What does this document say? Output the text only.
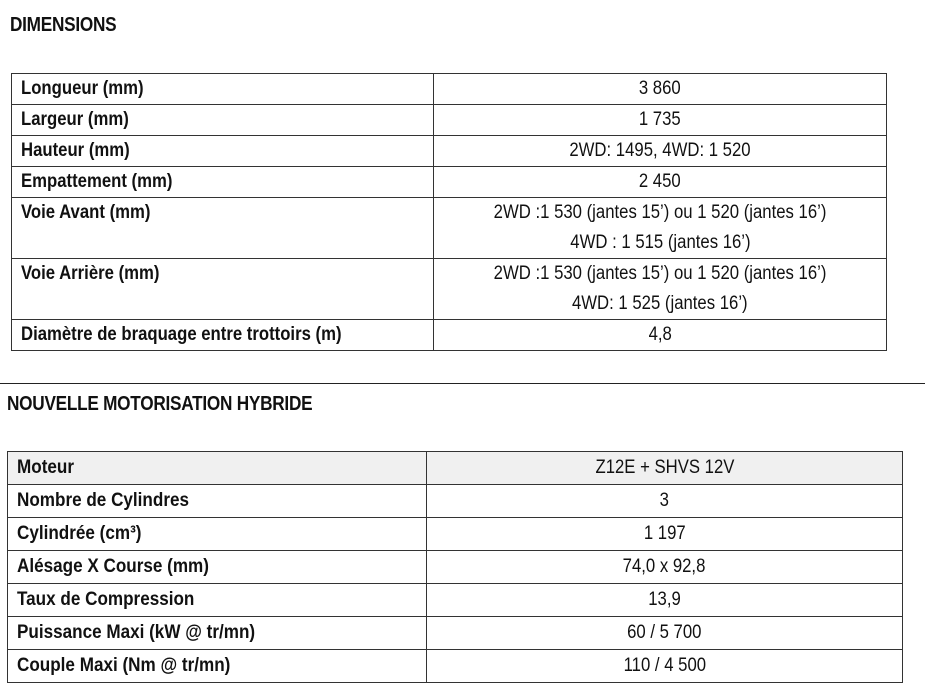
DIMENSIONS
Longueur (mm)	3 860
Largeur (mm)	1 735
Hauteur (mm)	2WD: 1495, 4WD: 1 520
Empattement (mm)	2 450
Voie Avant (mm)	2WD :1 530 (jantes 15’) ou 1 520 (jantes 16’)
4WD : 1 515 (jantes 16’)
Voie Arrière (mm)	2WD :1 530 (jantes 15’) ou 1 520 (jantes 16’)
4WD: 1 525 (jantes 16’)
Diamètre de braquage entre trottoirs (m)	4,8
NOUVELLE MOTORISATION HYBRIDE
Moteur	Z12E + SHVS 12V
Nombre de Cylindres	3
Cylindrée (cm³)	1 197
Alésage X Course (mm)	74,0 x 92,8
Taux de Compression	13,9
Puissance Maxi (kW @ tr/mn)	60 / 5 700
Couple Maxi (Nm @ tr/mn)	110 / 4 500
